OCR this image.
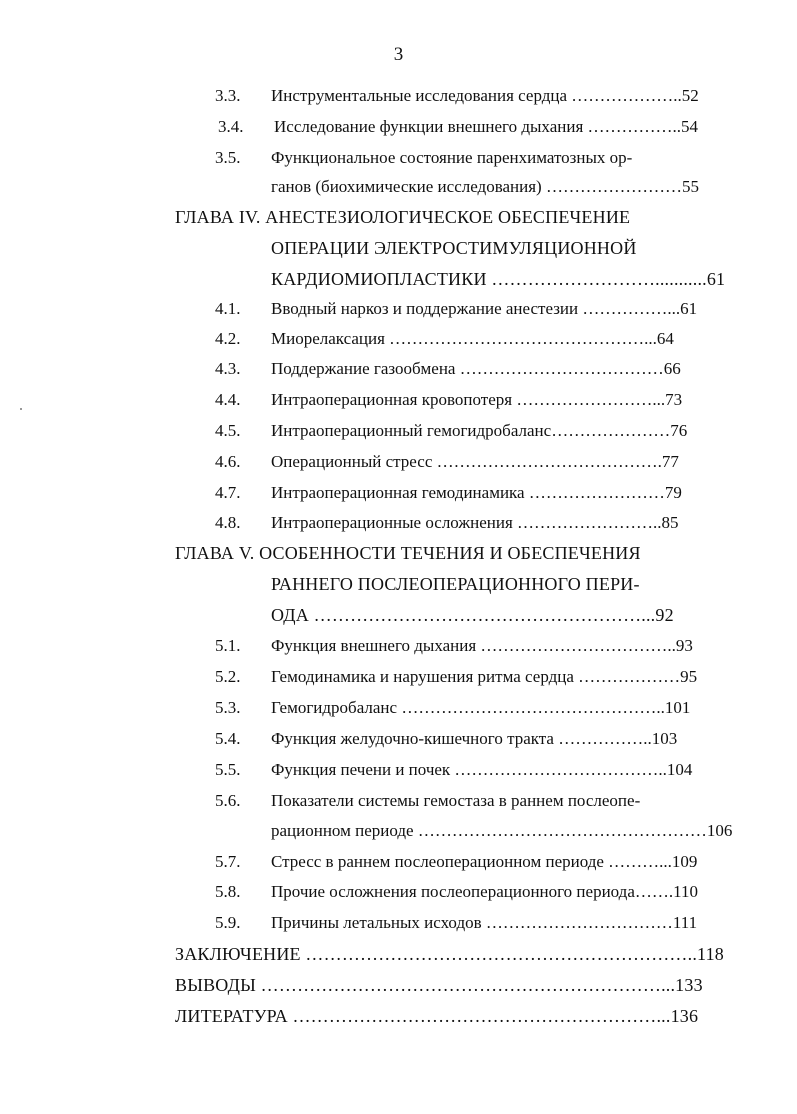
3
3.3. Инструментальные исследования сердца ………………..52
3.4. Исследование функции внешнего дыхания ……………..54
3.5. Функциональное состояние паренхиматозных ор-
ганов (биохимические исследования) ……………………55
ГЛАВА IV. АНЕСТЕЗИОЛОГИЧЕСКОЕ ОБЕСПЕЧЕНИЕ
ОПЕРАЦИИ ЭЛЕКТРОСТИМУЛЯЦИОННОЙ
КАРДИОМИОПЛАСТИКИ ………………………...........61
4.1. Вводный наркоз и поддержание анестезии ……………...61
4.2. Миорелаксация ………………………………………...64
4.3. Поддержание газообмена ………………………………66
4.4. Интраоперационная кровопотеря ……………………...73
4.5. Интраоперационный гемогидробаланс…………………76
4.6. Операционный стресс ………………………………….77
4.7. Интраоперационная гемодинамика ……………………79
4.8. Интраоперационные осложнения ……………………..85
ГЛАВА V. ОСОБЕННОСТИ ТЕЧЕНИЯ И ОБЕСПЕЧЕНИЯ
РАННЕГО ПОСЛЕОПЕРАЦИОННОГО ПЕРИ-
ОДА ………………………………………………...92
5.1. Функция внешнего дыхания ……………………………..93
5.2. Гемодинамика и нарушения ритма сердца ………………95
5.3. Гемогидробаланс ………………………………………..101
5.4. Функция желудочно-кишечного тракта ……………..103
5.5. Функция печени и почек ………………………………..104
5.6. Показатели системы гемостаза в раннем послеопе-
рационном периоде ……………………………………………106
5.7. Стресс в раннем послеоперационном периоде ………...109
5.8. Прочие осложнения послеоперационного периода…….110
5.9. Причины летальных исходов ……………………………111
ЗАКЛЮЧЕНИЕ ………………………………………………………..118
ВЫВОДЫ …………………………………………………………...133
ЛИТЕРАТУРА ……………………………………………………...136
